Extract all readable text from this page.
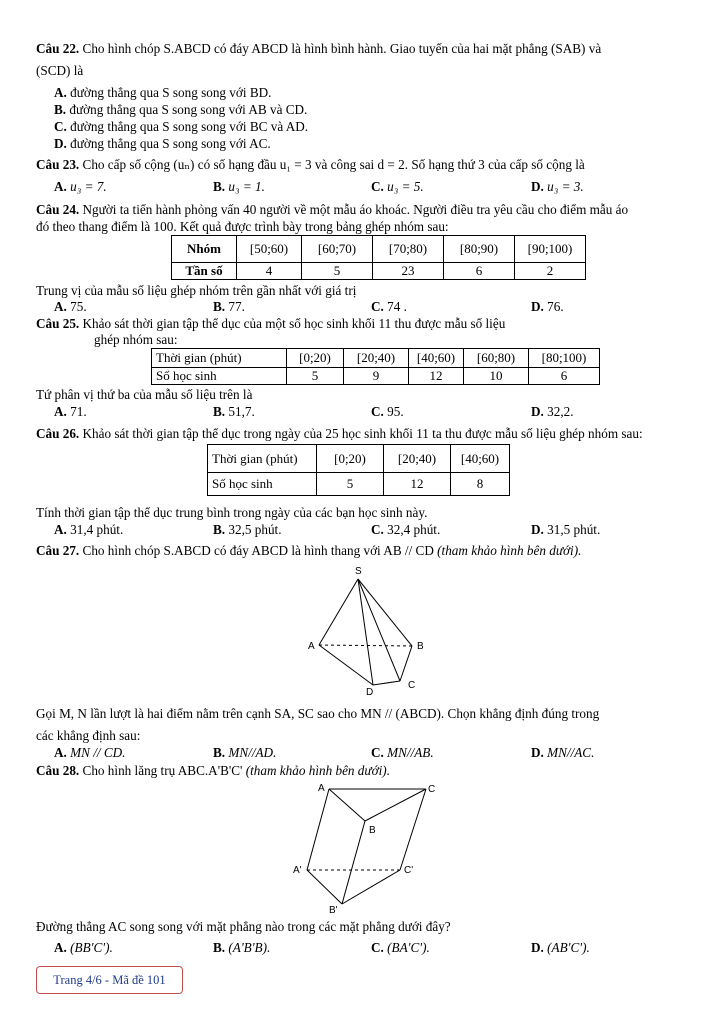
Câu 22. Cho hình chóp S.ABCD có đáy ABCD là hình bình hành. Giao tuyến của hai mặt phẳng (SAB) và
(SCD) là
A. đường thẳng qua S song song với BD.
B. đường thẳng qua S song song với AB và CD.
C. đường thẳng qua S song song với BC và AD.
D. đường thẳng qua S song song với AC.
Câu 23. Cho cấp số cộng (uₙ) có số hạng đầu u₁ = 3 và công sai d = 2. Số hạng thứ 3 của cấp số cộng là
A. u₃ = 7.	B. u₃ = 1.	C. u₃ = 5.	D. u₃ = 3.
Câu 24. Người ta tiến hành phỏng vấn 40 người về một mẫu áo khoác. Người điều tra yêu cầu cho điểm mẫu áo
đó theo thang điểm là 100. Kết quả được trình bày trong bảng ghép nhóm sau:
Nhóm	[50;60)	[60;70)	[70;80)	[80;90)	[90;100)
Tần số	4	5	23	6	2
Trung vị của mẫu số liệu ghép nhóm trên gần nhất với giá trị
A. 75.	B. 77.	C. 74 .	D. 76.
Câu 25. Khảo sát thời gian tập thể dục của một số học sinh khối 11 thu được mẫu số liệu
ghép nhóm sau:
Thời gian (phút)	[0;20)	[20;40)	[40;60)	[60;80)	[80;100)
Số học sinh	5	9	12	10	6
Tứ phân vị thứ ba của mẫu số liệu trên là
A. 71.	B. 51,7.	C. 95.	D. 32,2.
Câu 26. Khảo sát thời gian tập thể dục trong ngày của 25 học sinh khối 11 ta thu được mẫu số liệu ghép nhóm sau:
Thời gian (phút)	[0;20)	[20;40)	[40;60)
Số học sinh	5	12	8
Tính thời gian tập thể dục trung bình trong ngày của các bạn học sinh này.
A. 31,4 phút.	B. 32,5 phút.	C. 32,4 phút.	D. 31,5 phút.
Câu 27. Cho hình chóp S.ABCD có đáy ABCD là hình thang với AB // CD (tham khảo hình bên dưới).
S
A	B
D
C
Gọi M, N lần lượt là hai điểm nằm trên cạnh SA, SC sao cho MN // (ABCD). Chọn khẳng định đúng trong
các khẳng định sau:
A. MN // CD.	B. MN//AD.	C. MN//AB.	D. MN//AC.
Câu 28. Cho hình lăng trụ ABC.A'B'C' (tham khảo hình bên dưới).
A	C
B
A'	C'
B'
Đường thẳng AC song song với mặt phẳng nào trong các mặt phẳng dưới đây?
A. (BB'C').	B. (A'B'B).	C. (BA'C').	D. (AB'C').
Trang 4/6 - Mã đề 101
